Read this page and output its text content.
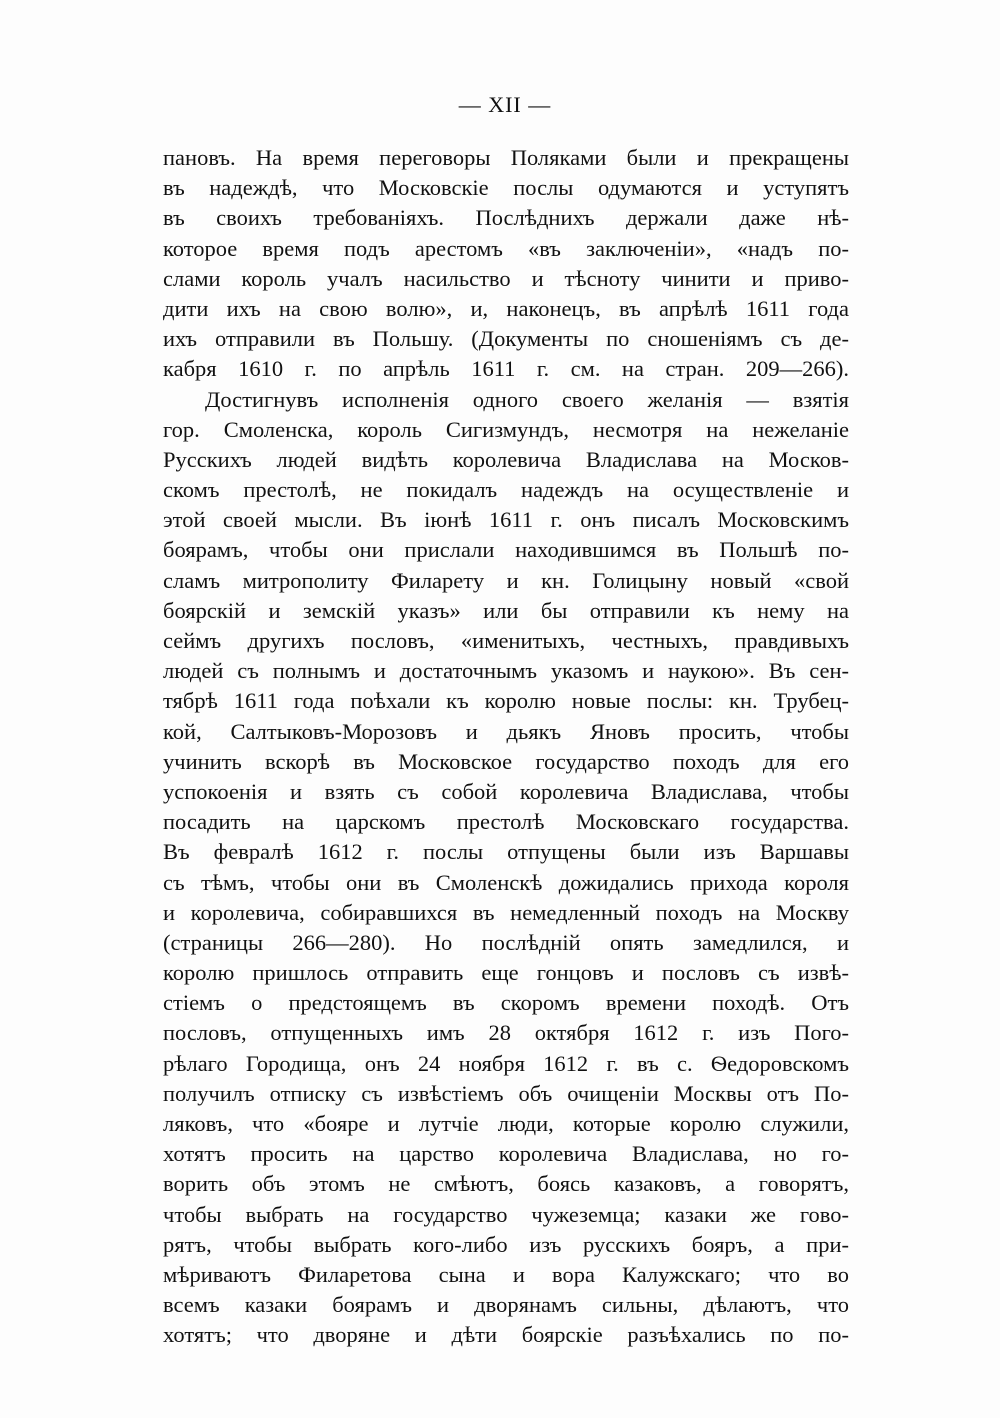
— XII —
пановъ. На время переговоры Поляками были и прекращены
въ надеждѣ, что Московскіе послы одумаются и уступятъ
въ своихъ требованіяхъ. Послѣднихъ держали даже нѣ-
которое время подъ арестомъ «въ заключеніи», «надъ по-
слами король учалъ насильство и тѣсноту чинити и приво-
дити ихъ на свою волю», и, наконецъ, въ апрѣлѣ 1611 года
ихъ отправили въ Польшу. (Документы по сношеніямъ съ де-
кабря 1610 г. по апрѣль 1611 г. см. на стран. 209—266).
Достигнувъ исполненія одного своего желанія — взятія
гор. Смоленска, король Сигизмундъ, несмотря на нежеланіе
Русскихъ людей видѣть королевича Владислава на Москов-
скомъ престолѣ, не покидалъ надеждъ на осуществленіе и
этой своей мысли. Въ іюнѣ 1611 г. онъ писалъ Московскимъ
боярамъ, чтобы они прислали находившимся въ Польшѣ по-
сламъ митрополиту Филарету и кн. Голицыну новый «свой
боярскій и земскій указъ» или бы отправили къ нему на
сеймъ другихъ пословъ, «именитыхъ, честныхъ, правдивыхъ
людей съ полнымъ и достаточнымъ указомъ и наукою». Въ сен-
тябрѣ 1611 года поѣхали къ королю новые послы: кн. Трубец-
кой, Салтыковъ-Морозовъ и дьякъ Яновъ просить, чтобы
учинить вскорѣ въ Московское государство походъ для его
успокоенія и взять съ собой королевича Владислава, чтобы
посадить на царскомъ престолѣ Московскаго государства.
Въ февралѣ 1612 г. послы отпущены были изъ Варшавы
съ тѣмъ, чтобы они въ Смоленскѣ дожидались прихода короля
и королевича, собиравшихся въ немедленный походъ на Москву
(страницы 266—280). Но послѣдній опять замедлился, и
королю пришлось отправить еще гонцовъ и пословъ съ извѣ-
стіемъ о предстоящемъ въ скоромъ времени походѣ. Отъ
пословъ, отпущенныхъ имъ 28 октября 1612 г. изъ Пого-
рѣлаго Городища, онъ 24 ноября 1612 г. въ с. Ѳедоровскомъ
получилъ отписку съ извѣстіемъ объ очищеніи Москвы отъ По-
ляковъ, что «бояре и лутчіе люди, которые королю служили,
хотятъ просить на царство королевича Владислава, но го-
ворить объ этомъ не смѣютъ, боясь казаковъ, а говорятъ,
чтобы выбрать на государство чужеземца; казаки же гово-
рятъ, чтобы выбрать кого-либо изъ русскихъ бояръ, а при-
мѣриваютъ Филаретова сына и вора Калужскаго; что во
всемъ казаки боярамъ и дворянамъ сильны, дѣлаютъ, что
хотятъ; что дворяне и дѣти боярскіе разъѣхались по по-
